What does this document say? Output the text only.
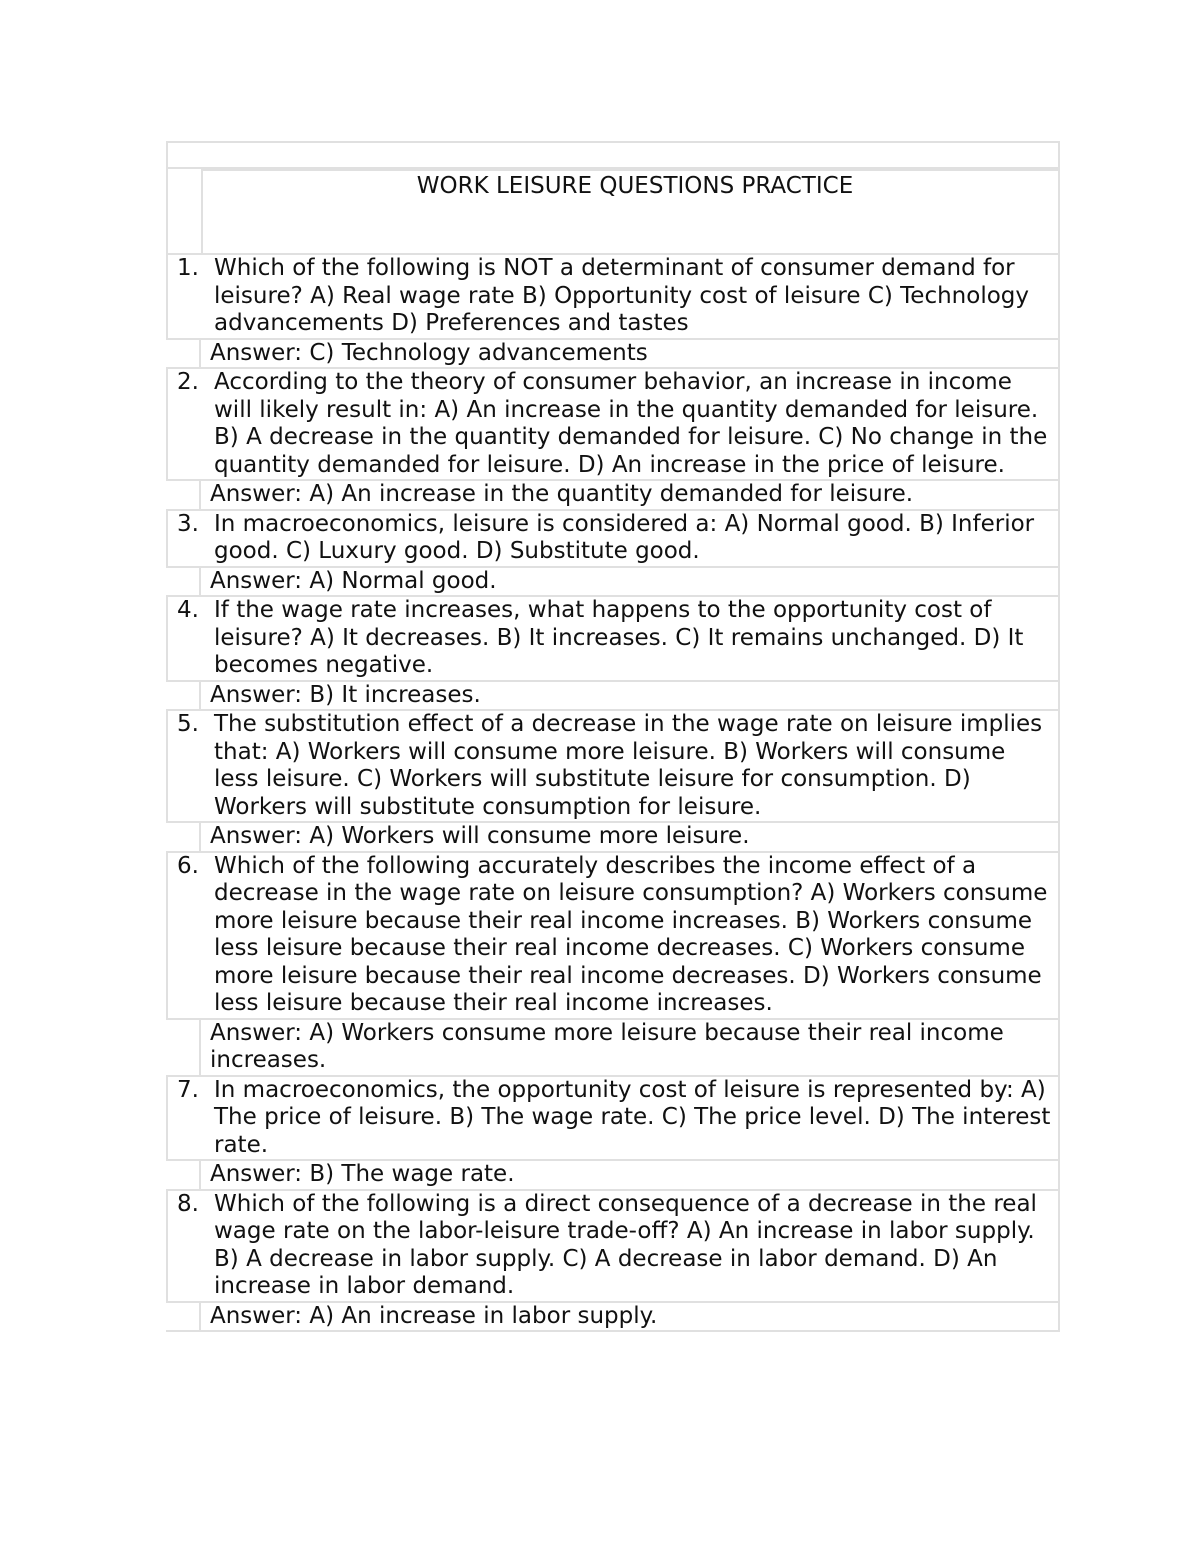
WORK LEISURE QUESTIONS PRACTICE
1. Which of the following is NOT a determinant of consumer demand for leisure? A) Real wage rate B) Opportunity cost of leisure C) Technology advancements D) Preferences and tastes
Answer: C) Technology advancements
2. According to the theory of consumer behavior, an increase in income will likely result in: A) An increase in the quantity demanded for leisure. B) A decrease in the quantity demanded for leisure. C) No change in the quantity demanded for leisure. D) An increase in the price of leisure.
Answer: A) An increase in the quantity demanded for leisure.
3. In macroeconomics, leisure is considered a: A) Normal good. B) Inferior good. C) Luxury good. D) Substitute good.
Answer: A) Normal good.
4. If the wage rate increases, what happens to the opportunity cost of leisure? A) It decreases. B) It increases. C) It remains unchanged. D) It becomes negative.
Answer: B) It increases.
5. The substitution effect of a decrease in the wage rate on leisure implies that: A) Workers will consume more leisure. B) Workers will consume less leisure. C) Workers will substitute leisure for consumption. D) Workers will substitute consumption for leisure.
Answer: A) Workers will consume more leisure.
6. Which of the following accurately describes the income effect of a decrease in the wage rate on leisure consumption? A) Workers consume more leisure because their real income increases. B) Workers consume less leisure because their real income decreases. C) Workers consume more leisure because their real income decreases. D) Workers consume less leisure because their real income increases.
Answer: A) Workers consume more leisure because their real income increases.
7. In macroeconomics, the opportunity cost of leisure is represented by: A) The price of leisure. B) The wage rate. C) The price level. D) The interest rate.
Answer: B) The wage rate.
8. Which of the following is a direct consequence of a decrease in the real wage rate on the labor-leisure trade-off? A) An increase in labor supply. B) A decrease in labor supply. C) A decrease in labor demand. D) An increase in labor demand.
Answer: A) An increase in labor supply.
